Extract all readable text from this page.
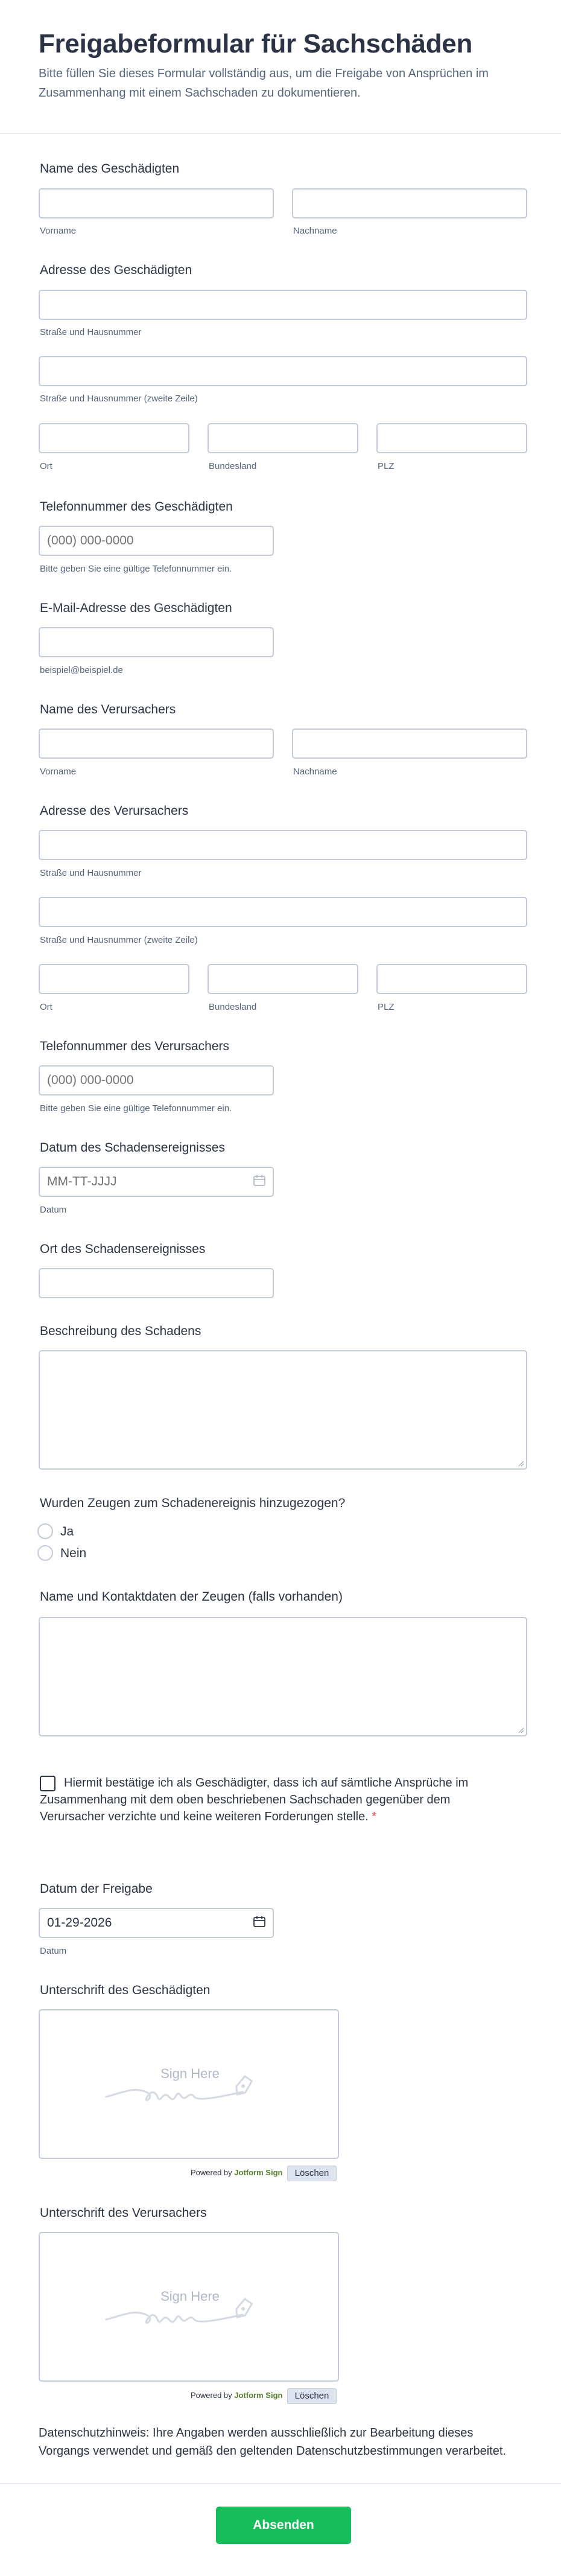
Freigabeformular für Sachschäden

Bitte füllen Sie dieses Formular vollständig aus, um die Freigabe von Ansprüchen im Zusammenhang mit einem Sachschaden zu dokumentieren.

Name des Geschädigten
Vorname	Nachname
Adresse des Geschädigten
Straße und Hausnummer
Straße und Hausnummer (zweite Zeile)
Ort	Bundesland	PLZ
Telefonnummer des Geschädigten
(000) 000-0000
Bitte geben Sie eine gültige Telefonnummer ein.
E-Mail-Adresse des Geschädigten
beispiel@beispiel.de
Name des Verursachers
Vorname	Nachname
Adresse des Verursachers
Straße und Hausnummer
Straße und Hausnummer (zweite Zeile)
Ort	Bundesland	PLZ
Telefonnummer des Verursachers
(000) 000-0000
Bitte geben Sie eine gültige Telefonnummer ein.
Datum des Schadensereignisses
MM-TT-JJJJ
Datum
Ort des Schadensereignisses
Beschreibung des Schadens
Wurden Zeugen zum Schadenereignis hinzugezogen?
Ja
Nein
Name und Kontaktdaten der Zeugen (falls vorhanden)
Hiermit bestätige ich als Geschädigter, dass ich auf sämtliche Ansprüche im Zusammenhang mit dem oben beschriebenen Sachschaden gegenüber dem Verursacher verzichte und keine weiteren Forderungen stelle. *
Datum der Freigabe
01-29-2026
Datum
Unterschrift des Geschädigten
Sign Here
Powered by Jotform Sign	Löschen
Unterschrift des Verursachers
Sign Here
Powered by Jotform Sign	Löschen
Datenschutzhinweis: Ihre Angaben werden ausschließlich zur Bearbeitung dieses Vorgangs verwendet und gemäß den geltenden Datenschutzbestimmungen verarbeitet.
Absenden
